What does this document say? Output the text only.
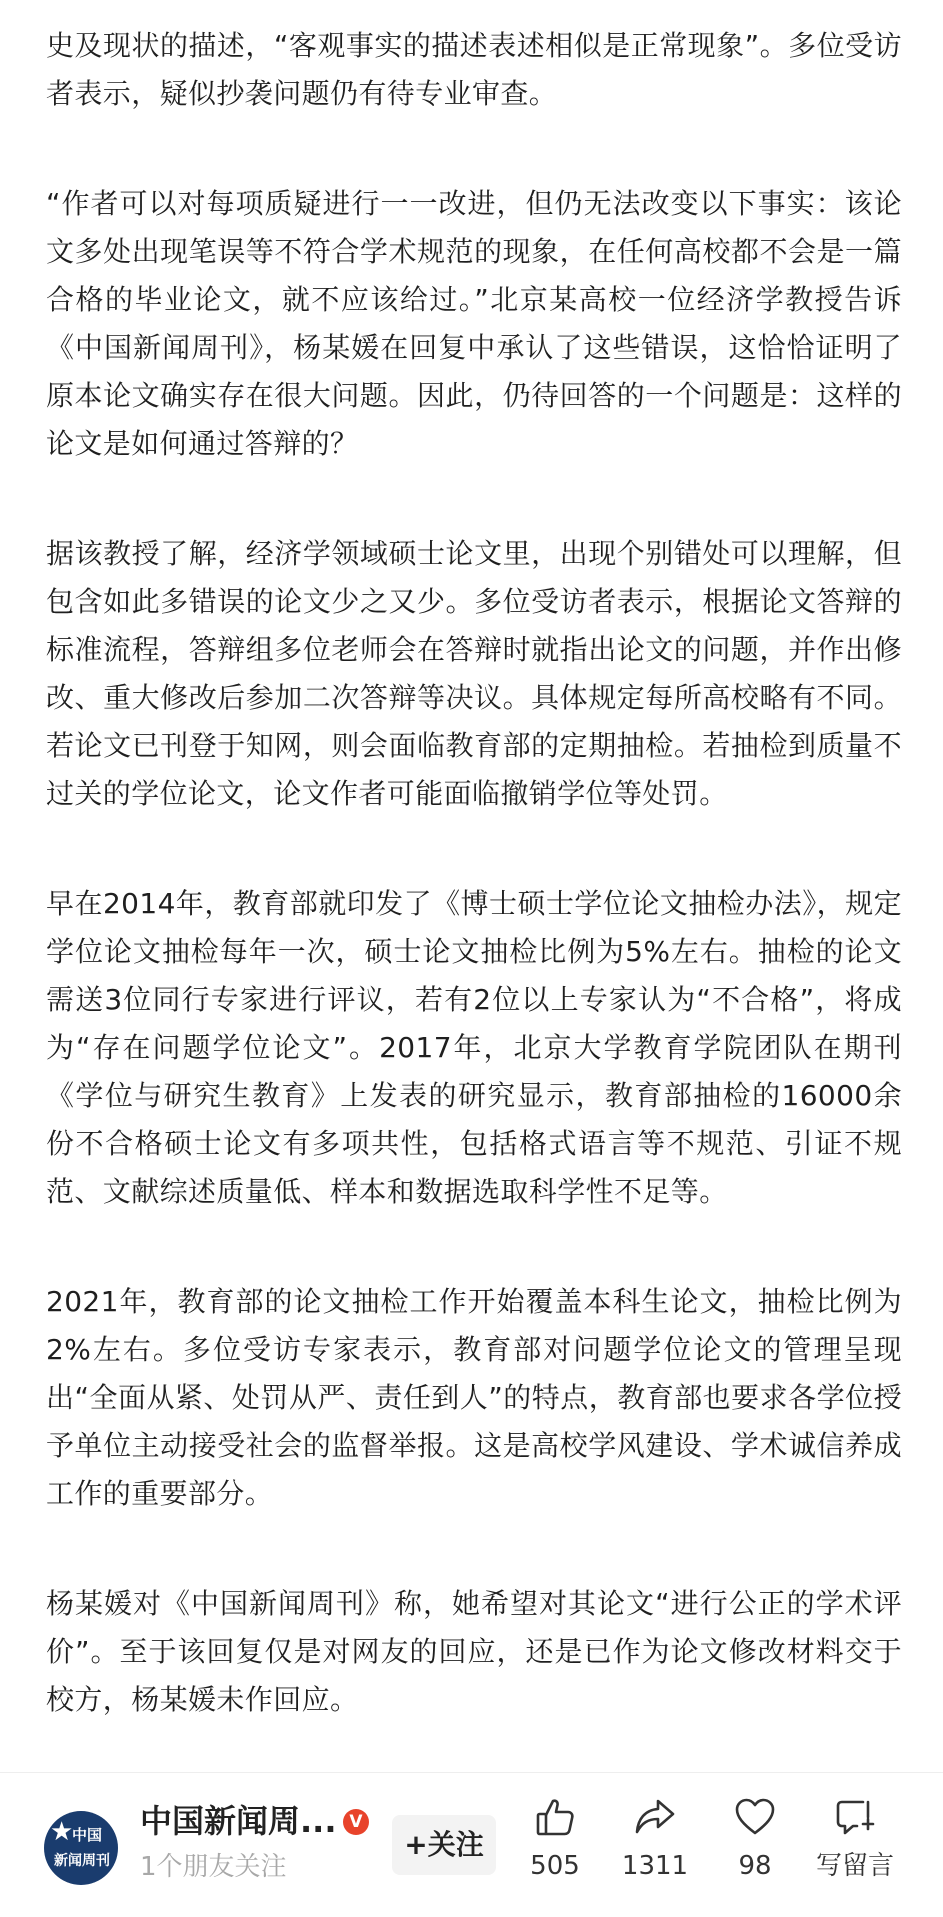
史及现状的描述，“客观事实的描述表述相似是正常现象”。多位受访者表示，疑似抄袭问题仍有待专业审查。

“作者可以对每项质疑进行一一改进，但仍无法改变以下事实：该论文多处出现笔误等不符合学术规范的现象，在任何高校都不会是一篇合格的毕业论文，就不应该给过。”北京某高校一位经济学教授告诉《中国新闻周刊》，杨某媛在回复中承认了这些错误，这恰恰证明了原本论文确实存在很大问题。因此，仍待回答的一个问题是：这样的论文是如何通过答辩的？

据该教授了解，经济学领域硕士论文里，出现个别错处可以理解，但包含如此多错误的论文少之又少。多位受访者表示，根据论文答辩的标准流程，答辩组多位老师会在答辩时就指出论文的问题，并作出修改、重大修改后参加二次答辩等决议。具体规定每所高校略有不同。若论文已刊登于知网，则会面临教育部的定期抽检。若抽检到质量不过关的学位论文，论文作者可能面临撤销学位等处罚。

早在2014年，教育部就印发了《博士硕士学位论文抽检办法》，规定学位论文抽检每年一次，硕士论文抽检比例为5%左右。抽检的论文需送3位同行专家进行评议，若有2位以上专家认为“不合格”，将成为“存在问题学位论文”。2017年，北京大学教育学院团队在期刊《学位与研究生教育》上发表的研究显示，教育部抽检的16000余份不合格硕士论文有多项共性，包括格式语言等不规范、引证不规范、文献综述质量低、样本和数据选取科学性不足等。

2021年，教育部的论文抽检工作开始覆盖本科生论文，抽检比例为2%左右。多位受访专家表示，教育部对问题学位论文的管理呈现出“全面从紧、处罚从严、责任到人”的特点，教育部也要求各学位授予单位主动接受社会的监督举报。这是高校学风建设、学术诚信养成工作的重要部分。

杨某媛对《中国新闻周刊》称，她希望对其论文“进行公正的学术评价”。至于该回复仅是对网友的回应，还是已作为论文修改材料交于校方，杨某媛未作回应。

★
中国
新闻周刊
中国新闻周... V
1个朋友关注
+关注
505	1311	98	写留言
